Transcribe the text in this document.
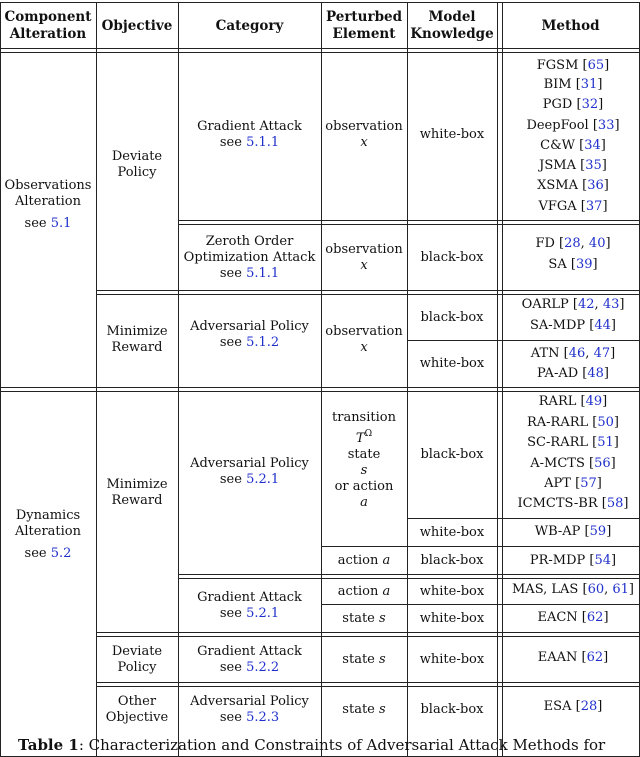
Component
Alteration
Objective	Category
Perturbed
Element
Model
Knowledge
Method
Observations
Alteration
see 5.1
Dynamics
Alteration
see 5.2
Deviate
Policy
Minimize
Reward
Minimize
Reward
Deviate
Policy
Other
Objective
Gradient Attack
see 5.1.1
Zeroth Order
Optimization Attack
see 5.1.1
Adversarial Policy
see 5.1.2
Adversarial Policy
see 5.2.1
Gradient Attack
see 5.2.1
Gradient Attack
see 5.2.2
Adversarial Policy
see 5.2.3
observation
x
observation
x
observation
x
transition
$T^\Omega$
state
s
or action
a
action a
action a
state s
state s
state s
white-box
black-box
black-box
white-box
black-box
white-box
black-box
white-box
white-box
white-box
black-box
FGSM [65]
BIM [31]
PGD [32]
DeepFool [33]
C&W [34]
JSMA [35]
XSMA [36]
VFGA [37]
FD [28, 40]
SA [39]
OARLP [42, 43]
SA-MDP [44]
ATN [46, 47]
PA-AD [48]
RARL [49]
RA-RARL [50]
SC-RARL [51]
A-MCTS [56]
APT [57]
ICMCTS-BR [58]
WB-AP [59]
PR-MDP [54]
MAS, LAS [60, 61]
EACN [62]
EAAN [62]
ESA [28]
Table 1: Characterization and Constraints of Adversarial Attack Methods for
